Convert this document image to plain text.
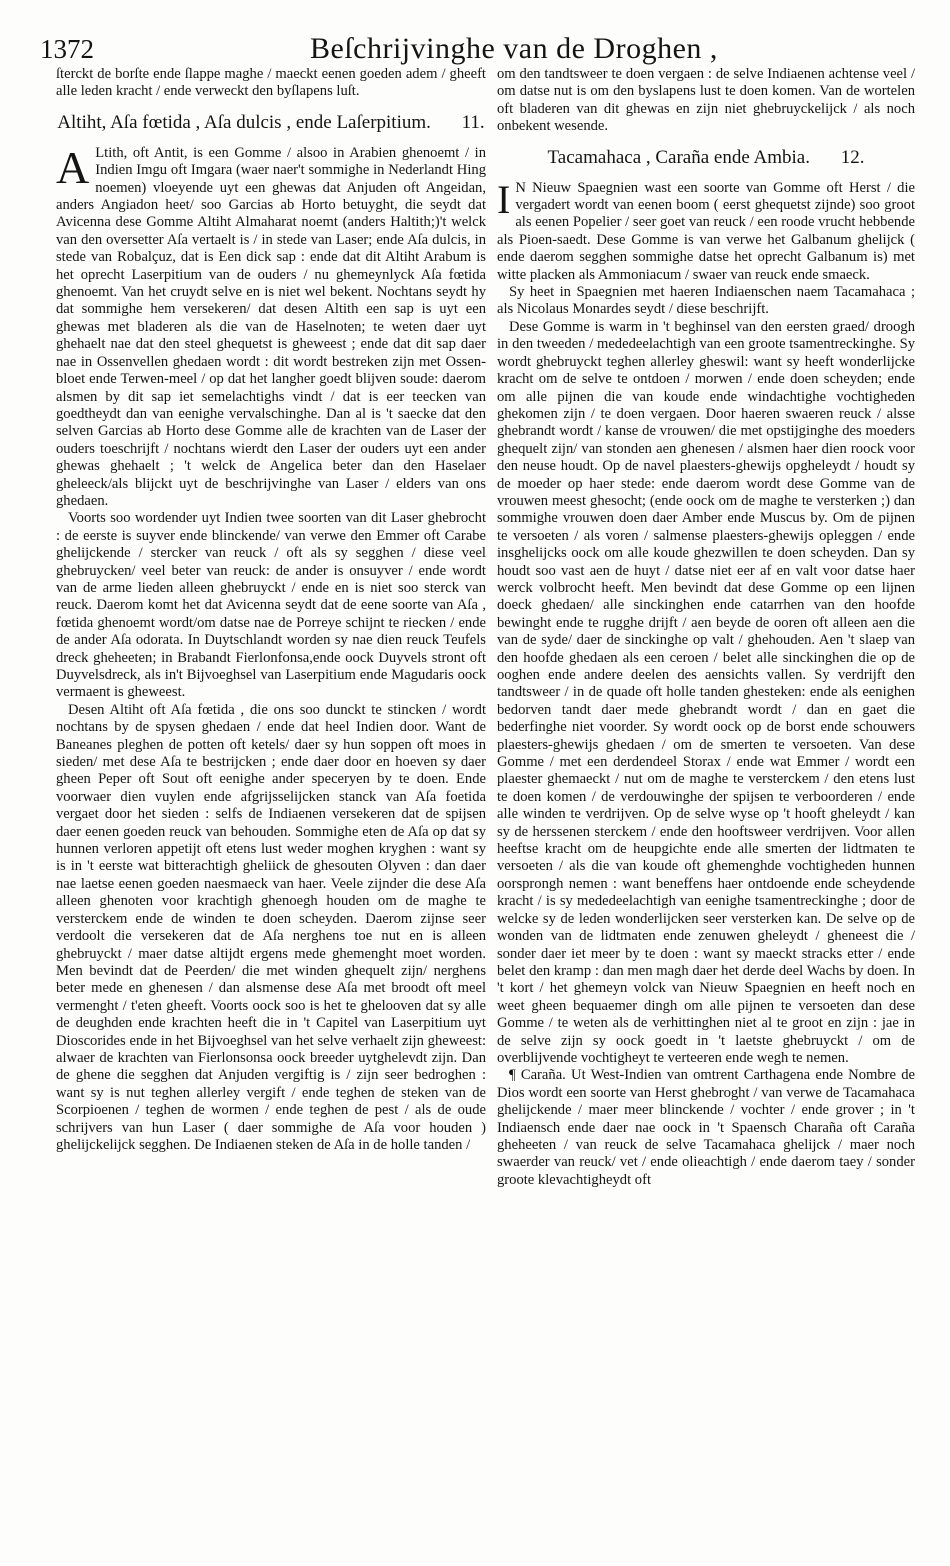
1372	Beſchrijvinghe van de Droghen ,

ſterckt de borſte ende ſlappe maghe / maeckt eenen goeden adem / gheeft alle leden kracht / ende verweckt den byſlapens luſt.

Altiht, Aſa fœtida , Aſa dulcis , ende Laſerpitium. 11.

A Ltith, oft Antit, is een Gomme / alsoo in Arabien ghenoemt / in Indien Imgu oft Imgara (waer naer't sommighe in Nederlandt Hing noemen) vloeyende uyt een ghewas dat Anjuden oft Angeidan, anders Angiadon heet/ soo Garcias ab Horto betuyght, die seydt dat Avicenna dese Gomme Altiht Almaharat noemt (anders Haltith;)'t welck van den oversetter Aſa vertaelt is / in stede van Laser; ende Aſa dulcis, in stede van Robalçuz, dat is Een dick sap : ende dat dit Altiht Arabum is het oprecht Laserpitium van de ouders / nu ghemeynlyck Aſa fœtida ghenoemt. Van het cruydt selve en is niet wel bekent. Nochtans seydt hy dat sommighe hem versekeren/ dat desen Altith een sap is uyt een ghewas met bladeren als die van de Haselnoten; te weten daer uyt ghehaelt nae dat den steel ghequetst is gheweest ; ende dat dit sap daer nae in Ossenvellen ghedaen wordt : dit wordt bestreken zijn met Ossen-bloet ende Terwen-meel / op dat het langher goedt blijven soude: daerom alsmen by dit sap iet semelachtighs vindt / dat is eer teecken van goedtheydt dan van eenighe vervalschinghe. Dan al is 't saecke dat den selven Garcias ab Horto dese Gomme alle de krachten van de Laser der ouders toeschrijft / nochtans wierdt den Laser der ouders uyt een ander ghewas ghehaelt ; 't welck de Angelica beter dan den Haselaer gheleeck/als blijckt uyt de beschrijvinghe van Laser / elders van ons ghedaen.

Voorts soo wordender uyt Indien twee soorten van dit Laser ghebrocht : de eerste is suyver ende blinckende/ van verwe den Emmer oft Carabe ghelijckende / stercker van reuck / oft als sy segghen / diese veel ghebruycken/ veel beter van reuck: de ander is onsuyver / ende wordt van de arme lieden alleen ghebruyckt / ende en is niet soo sterck van reuck. Daerom komt het dat Avicenna seydt dat de eene soorte van Aſa , fœtida ghenoemt wordt/om datse nae de Porreye schijnt te riecken / ende de ander Aſa odorata. In Duytschlandt worden sy nae dien reuck Teufels dreck gheheeten; in Brabandt Fierlonfonsa,ende oock Duyvels stront oft Duyvelsdreck, als in't Bijvoeghsel van Laserpitium ende Magudaris oock vermaent is gheweest.

Desen Altiht oft Aſa fœtida , die ons soo dunckt te stincken / wordt nochtans by de spysen ghedaen / ende dat heel Indien door. Want de Baneanes pleghen de potten oft ketels/ daer sy hun soppen oft moes in sieden/ met dese Aſa te bestrijcken ; ende daer door en hoeven sy daer gheen Peper oft Sout oft eenighe ander speceryen by te doen. Ende voorwaer dien vuylen ende afgrijsselijcken stanck van Aſa foetida vergaet door het sieden : selfs de Indiaenen versekeren dat de spijsen daer eenen goeden reuck van behouden. Sommighe eten de Aſa op dat sy hunnen verloren appetijt oft etens lust weder moghen kryghen : want sy is in 't eerste wat bitterachtigh gheliick de ghesouten Olyven : dan daer nae laetse eenen goeden naesmaeck van haer. Veele zijnder die dese Aſa alleen ghenoten voor krachtigh ghenoegh houden om de maghe te versterckem ende de winden te doen scheyden. Daerom zijnse seer verdoolt die versekeren dat de Aſa nerghens toe nut en is alleen ghebruyckt / maer datse altijdt ergens mede ghemenght moet worden. Men bevindt dat de Peerden/ die met winden ghequelt zijn/ nerghens beter mede en ghenesen / dan alsmense dese Aſa met broodt oft meel vermenght / t'eten gheeft. Voorts oock soo is het te ghelooven dat sy alle de deughden ende krachten heeft die in 't Capitel van Laserpitium uyt Dioscorides ende in het Bijvoeghsel van het selve verhaelt zijn gheweest: alwaer de krachten van Fierlonsonsa oock breeder uytghelevdt zijn. Dan de ghene die segghen dat Anjuden vergiftig is / zijn seer bedroghen : want sy is nut teghen allerley vergift / ende teghen de steken van de Scorpioenen / teghen de wormen / ende teghen de pest / als de oude schrijvers van hun Laser ( daer sommighe de Aſa voor houden ) ghelijckelijck segghen. De Indiaenen steken de Aſa in de holle tanden /

om den tandtsweer te doen vergaen : de selve Indiaenen achtense veel / om datse nut is om den byslapens lust te doen komen. Van de wortelen oft bladeren van dit ghewas en zijn niet ghebruyckelijck / als noch onbekent wesende.

Tacamahaca , Caraña ende Ambia. 12.

I N Nieuw Spaegnien wast een soorte van Gomme oft Herst / die vergadert wordt van eenen boom ( eerst ghequetst zijnde) soo groot als eenen Popelier / seer goet van reuck / een roode vrucht hebbende als Pioen-saedt. Dese Gomme is van verwe het Galbanum ghelijck ( ende daerom segghen sommighe datse het oprecht Galbanum is) met witte placken als Ammoniacum / swaer van reuck ende smaeck.

Sy heet in Spaegnien met haeren Indiaenschen naem Tacamahaca ; als Nicolaus Monardes seydt / diese beschrijft.

Dese Gomme is warm in 't beghinsel van den eersten graed/ droogh in den tweeden / mededeelachtigh van een groote tsamentreckinghe. Sy wordt ghebruyckt teghen allerley gheswil: want sy heeft wonderlijcke kracht om de selve te ontdoen / morwen / ende doen scheyden; ende om alle pijnen die van koude ende windachtighe vochtigheden ghekomen zijn / te doen vergaen. Door haeren swaeren reuck / alsse ghebrandt wordt / kanse de vrouwen/ die met opstijginghe des moeders ghequelt zijn/ van stonden aen ghenesen / alsmen haer dien roock voor den neuse houdt. Op de navel plaesters-ghewijs opgheleydt / houdt sy de moeder op haer stede: ende daerom wordt dese Gomme van de vrouwen meest ghesocht; (ende oock om de maghe te versterken ;) dan sommighe vrouwen doen daer Amber ende Muscus by. Om de pijnen te versoeten / als voren / salmense plaesters-ghewijs opleggen / ende insghelijcks oock om alle koude ghezwillen te doen scheyden. Dan sy houdt soo vast aen de huyt / datse niet eer af en valt voor datse haer werck volbrocht heeft. Men bevindt dat dese Gomme op een lijnen doeck ghedaen/ alle sinckinghen ende catarrhen van den hoofde bewinght ende te rugghe drijft / aen beyde de ooren oft alleen aen die van de syde/ daer de sinckinghe op valt / ghehouden. Aen 't slaep van den hoofde ghedaen als een ceroen / belet alle sinckinghen die op de ooghen ende andere deelen des aensichts vallen. Sy verdrijft den tandtsweer / in de quade oft holle tanden ghesteken: ende als eenighen bedorven tandt daer mede ghebrandt wordt / dan en gaet die bederfinghe niet voorder. Sy wordt oock op de borst ende schouwers plaesters-ghewijs ghedaen / om de smerten te versoeten. Van dese Gomme / met een derdendeel Storax / ende wat Emmer / wordt een plaester ghemaeckt / nut om de maghe te versterckem / den etens lust te doen komen / de verdouwinghe der spijsen te verboorderen / ende alle winden te verdrijven. Op de selve wyse op 't hooft gheleydt / kan sy de herssenen sterckem / ende den hooftsweer verdrijven. Voor allen heeftse kracht om de heupgichte ende alle smerten der lidtmaten te versoeten / als die van koude oft ghemenghde vochtigheden hunnen oorsprongh nemen : want beneffens haer ontdoende ende scheydende kracht / is sy mededeelachtigh van eenighe tsamentreckinghe ; door de welcke sy de leden wonderlijcken seer versterken kan. De selve op de wonden van de lidtmaten ende zenuwen gheleydt / gheneest die / sonder daer iet meer by te doen : want sy maeckt stracks etter / ende belet den kramp : dan men magh daer het derde deel Wachs by doen. In 't kort / het ghemeyn volck van Nieuw Spaegnien en heeft noch en weet gheen bequaemer dingh om alle pijnen te versoeten dan dese Gomme / te weten als de verhittinghen niet al te groot en zijn : jae in de selve zijn sy oock goedt in 't laetste ghebruyckt / om de overblijvende vochtigheyt te verteeren ende wegh te nemen.

¶ Caraña. Ut West-Indien van omtrent Carthagena ende Nombre de Dios wordt een soorte van Herst ghebroght / van verwe de Tacamahaca ghelijckende / maer meer blinckende / vochter / ende grover ; in 't Indiaensch ende daer nae oock in 't Spaensch Charaña oft Caraña gheheeten / van reuck de selve Tacamahaca ghelijck / maer noch swaerder van reuck/ vet / ende olieachtigh / ende daerom taey / sonder groote klevachtigheydt oft
